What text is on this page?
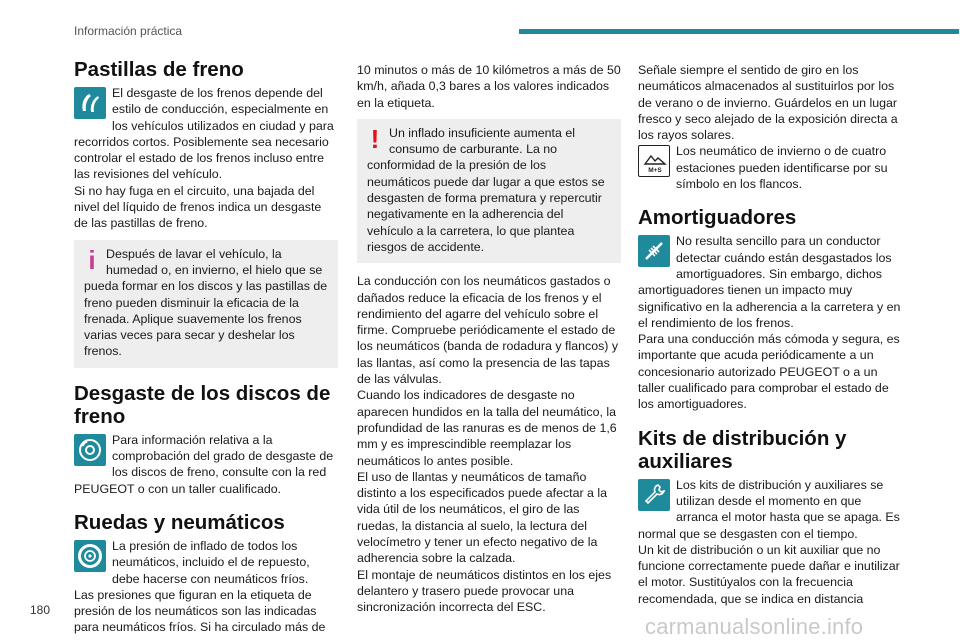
Información práctica
Pastillas de freno

El desgaste de los frenos depende del estilo de conducción, especialmente en los vehículos utilizados en ciudad y para recorridos cortos. Posiblemente sea necesario controlar el estado de los frenos incluso entre las revisiones del vehículo.

Si no hay fuga en el circuito, una bajada del nivel del líquido de frenos indica un desgaste de las pastillas de freno.

i Después de lavar el vehículo, la humedad o, en invierno, el hielo que se pueda formar en los discos y las pastillas de freno pueden disminuir la eficacia de la frenada. Aplique suavemente los frenos varias veces para secar y deshelar los frenos.

Desgaste de los discos de freno

Para información relativa a la comprobación del grado de desgaste de los discos de freno, consulte con la red PEUGEOT o con un taller cualificado.

Ruedas y neumáticos

La presión de inflado de todos los neumáticos, incluido el de repuesto, debe hacerse con neumáticos fríos.

Las presiones que figuran en la etiqueta de presión de los neumáticos son las indicadas para neumáticos fríos. Si ha circulado más de

10 minutos o más de 10 kilómetros a más de 50 km/h, añada 0,3 bares a los valores indicados en la etiqueta.

! Un inflado insuficiente aumenta el consumo de carburante. La no conformidad de la presión de los neumáticos puede dar lugar a que estos se desgasten de forma prematura y repercutir negativamente en la adherencia del vehículo a la carretera, lo que plantea riesgos de accidente.

La conducción con los neumáticos gastados o dañados reduce la eficacia de los frenos y el rendimiento del agarre del vehículo sobre el firme. Compruebe periódicamente el estado de los neumáticos (banda de rodadura y flancos) y las llantas, así como la presencia de las tapas de las válvulas.

Cuando los indicadores de desgaste no aparecen hundidos en la talla del neumático, la profundidad de las ranuras es de menos de 1,6 mm y es imprescindible reemplazar los neumáticos lo antes posible.

El uso de llantas y neumáticos de tamaño distinto a los especificados puede afectar a la vida útil de los neumáticos, el giro de las ruedas, la distancia al suelo, la lectura del velocímetro y tener un efecto negativo de la adherencia sobre la calzada.

El montaje de neumáticos distintos en los ejes delantero y trasero puede provocar una sincronización incorrecta del ESC.

Señale siempre el sentido de giro en los neumáticos almacenados al sustituirlos por los de verano o de invierno. Guárdelos en un lugar fresco y seco alejado de la exposición directa a los rayos solares.

M+S

Los neumático de invierno o de cuatro estaciones pueden identificarse por su símbolo en los flancos.

Amortiguadores

No resulta sencillo para un conductor detectar cuándo están desgastados los amortiguadores. Sin embargo, dichos amortiguadores tienen un impacto muy significativo en la adherencia a la carretera y en el rendimiento de los frenos.

Para una conducción más cómoda y segura, es importante que acuda periódicamente a un concesionario autorizado PEUGEOT o a un taller cualificado para comprobar el estado de los amortiguadores.

Kits de distribución y auxiliares

Los kits de distribución y auxiliares se utilizan desde el momento en que arranca el motor hasta que se apaga. Es normal que se desgasten con el tiempo.

Un kit de distribución o un kit auxiliar que no funcione correctamente puede dañar e inutilizar el motor. Sustitúyalos con la frecuencia recomendada, que se indica en distancia

180
carmanualsonline.info
